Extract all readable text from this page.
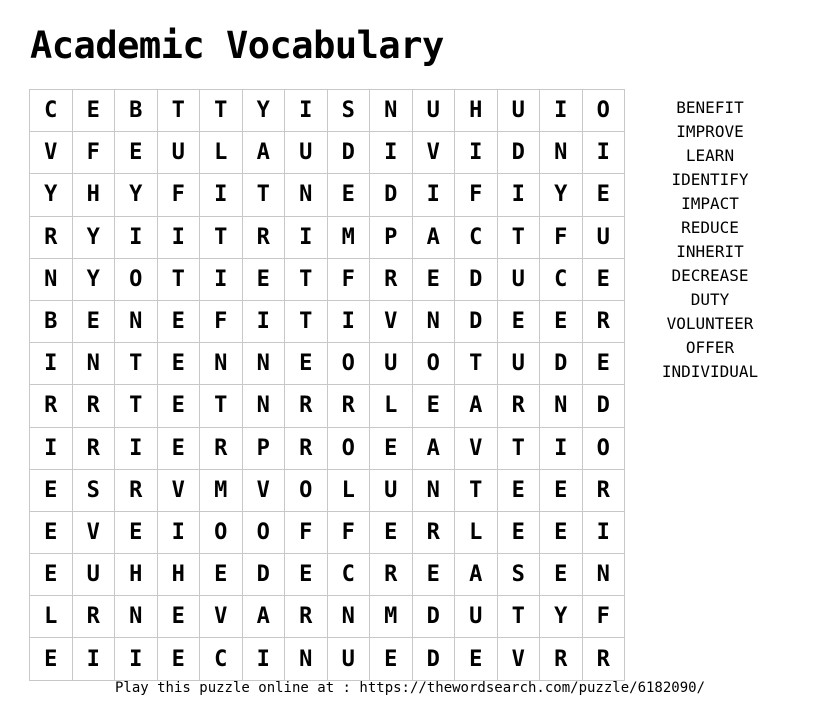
Academic Vocabulary
C	E	B	T	T	Y	I	S	N	U	H	U	I	O
V	F	E	U	L	A	U	D	I	V	I	D	N	I
Y	H	Y	F	I	T	N	E	D	I	F	I	Y	E
R	Y	I	I	T	R	I	M	P	A	C	T	F	U
N	Y	O	T	I	E	T	F	R	E	D	U	C	E
B	E	N	E	F	I	T	I	V	N	D	E	E	R
I	N	T	E	N	N	E	O	U	O	T	U	D	E
R	R	T	E	T	N	R	R	L	E	A	R	N	D
I	R	I	E	R	P	R	O	E	A	V	T	I	O
E	S	R	V	M	V	O	L	U	N	T	E	E	R
E	V	E	I	O	O	F	F	E	R	L	E	E	I
E	U	H	H	E	D	E	C	R	E	A	S	E	N
L	R	N	E	V	A	R	N	M	D	U	T	Y	F
E	I	I	E	C	I	N	U	E	D	E	V	R	R
BENEFIT
IMPROVE
LEARN
IDENTIFY
IMPACT
REDUCE
INHERIT
DECREASE
DUTY
VOLUNTEER
OFFER
INDIVIDUAL
Play this puzzle online at : https://thewordsearch.com/puzzle/6182090/
